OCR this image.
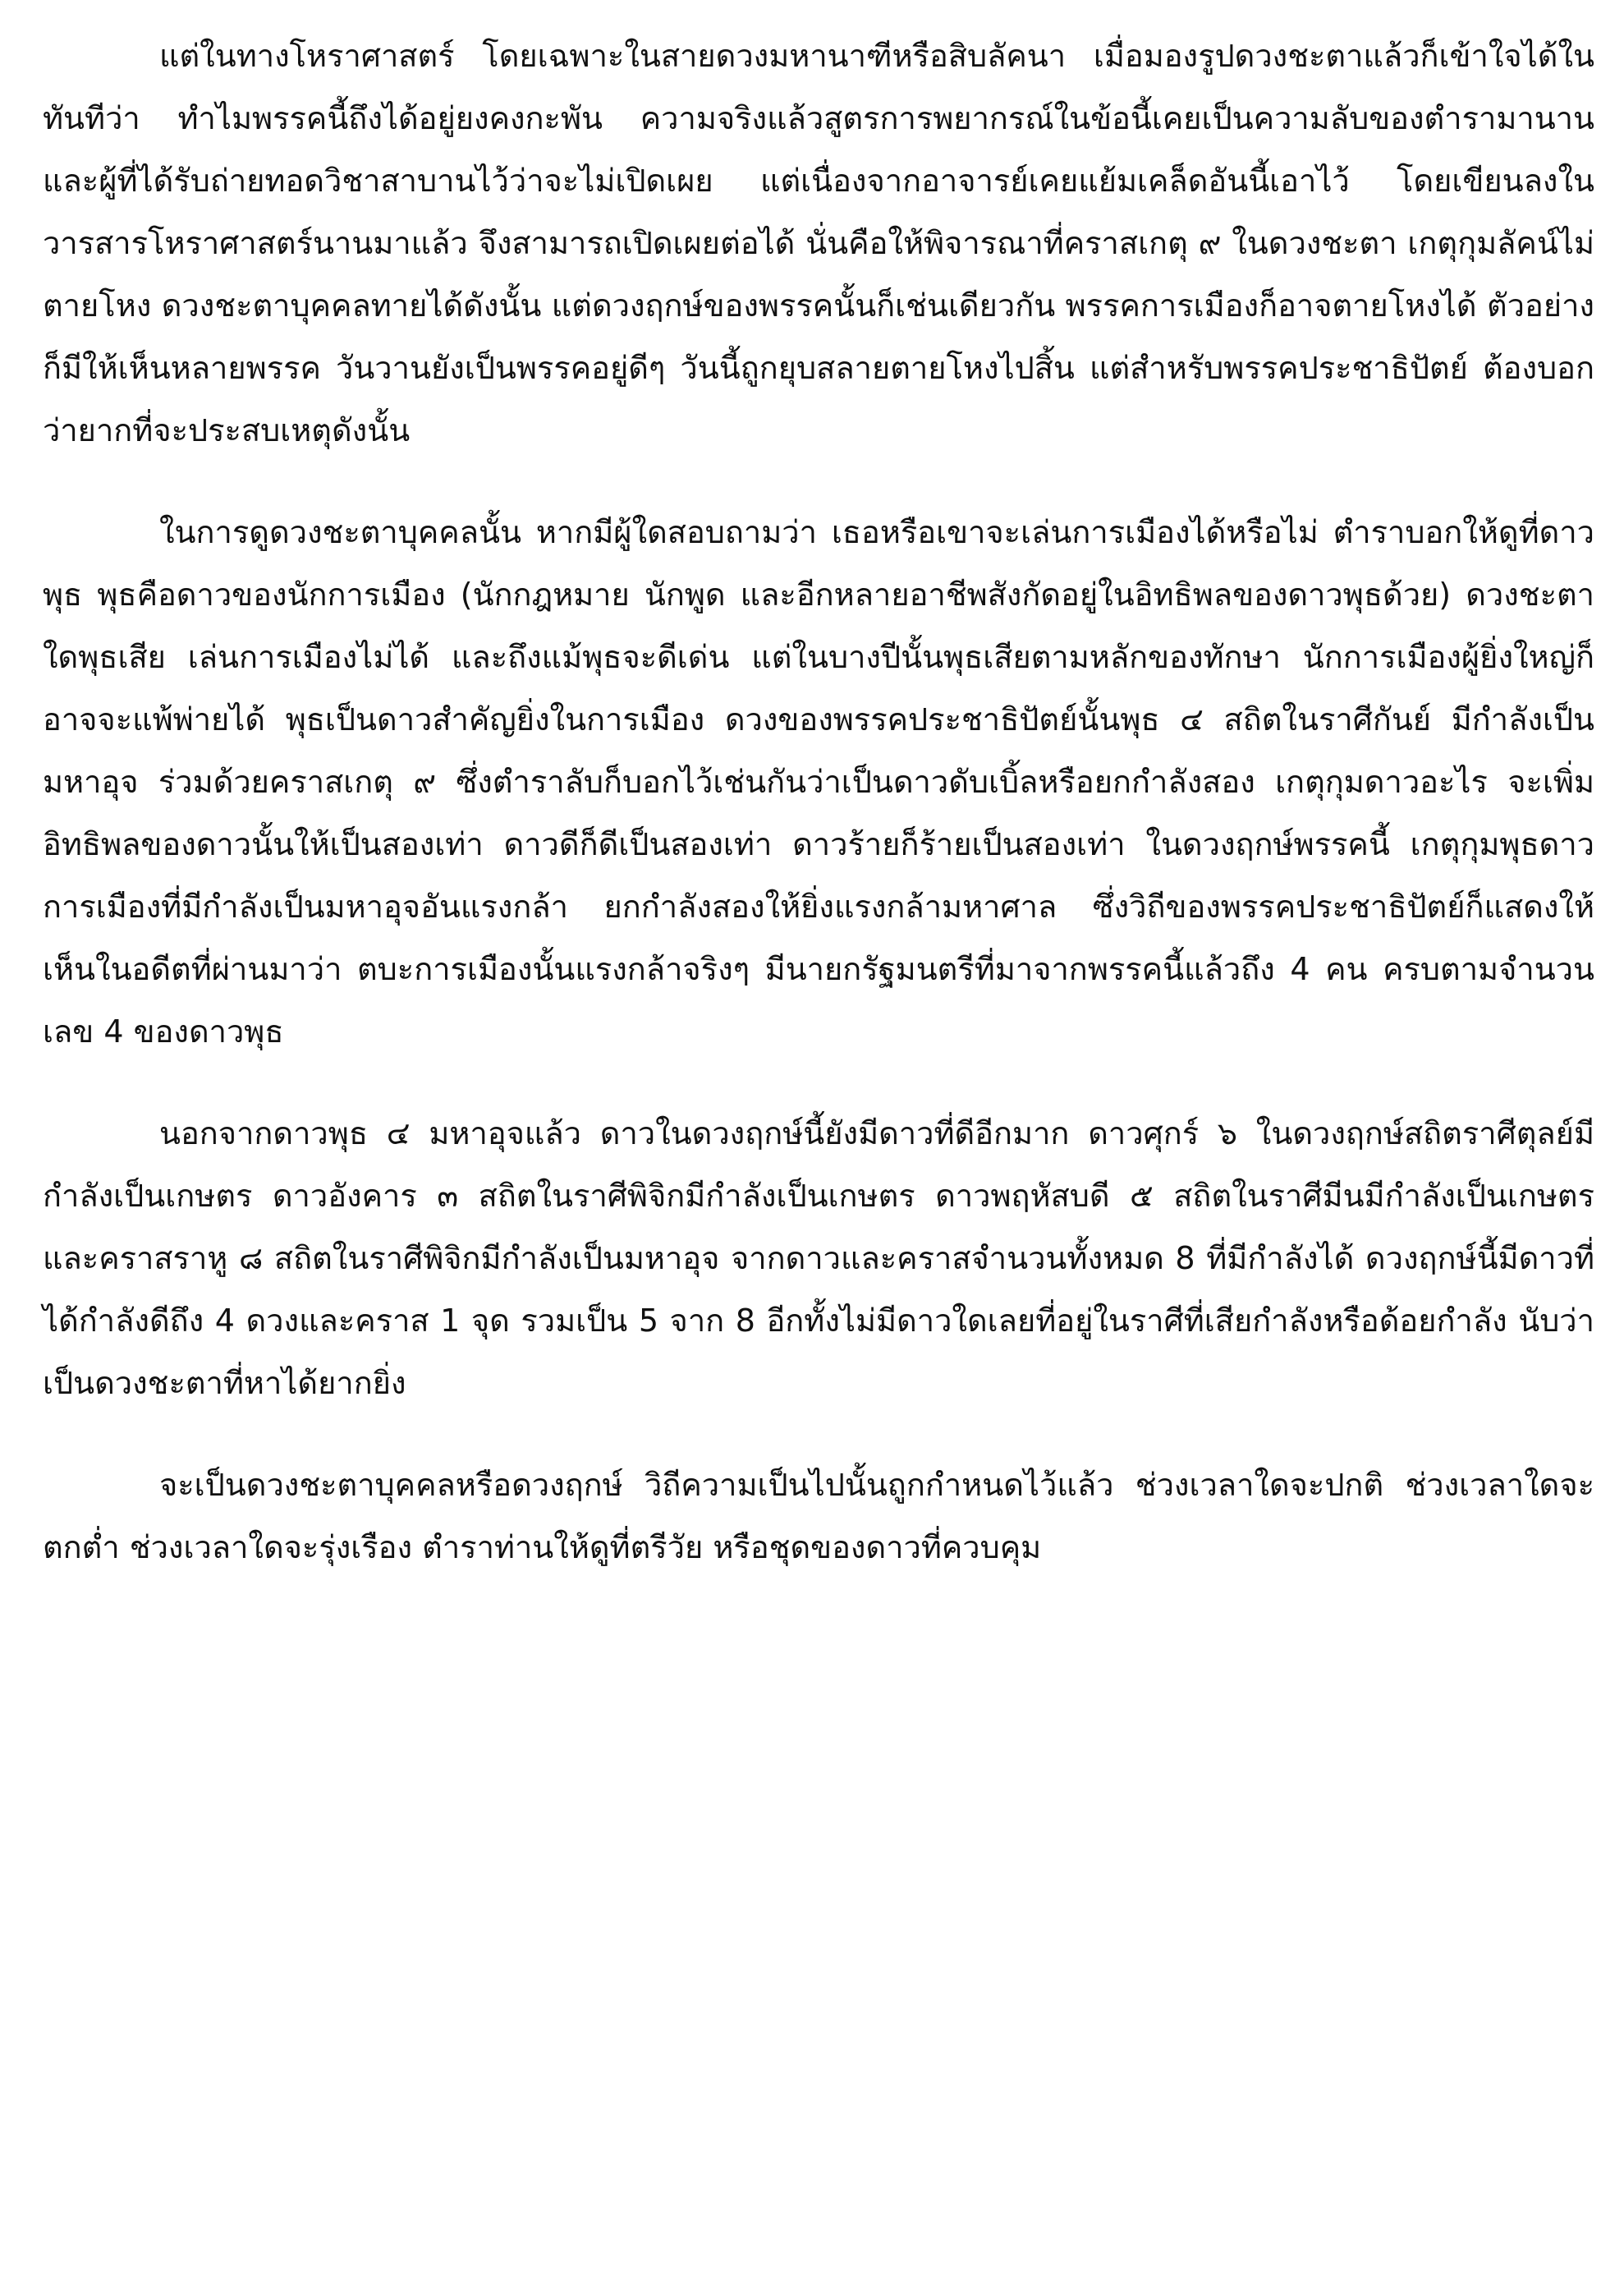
แต่ในทางโหราศาสตร์ โดยเฉพาะในสายดวงมหานาฑีหรือสิบลัคนา เมื่อมองรูปดวงชะตาแล้วก็เข้าใจได้ในทันทีว่า ทำไมพรรคนี้ถึงได้อยู่ยงคงกะพัน ความจริงแล้วสูตรการพยากรณ์ในข้อนี้เคยเป็นความลับของตำรามานาน และผู้ที่ได้รับถ่ายทอดวิชาสาบานไว้ว่าจะไม่เปิดเผย แต่เนื่องจากอาจารย์เคยแย้มเคล็ดอันนี้เอาไว้ โดยเขียนลงในวารสารโหราศาสตร์นานมาแล้ว จึงสามารถเปิดเผยต่อได้ นั่นคือให้พิจารณาที่คราสเกตุ ๙ ในดวงชะตา เกตุกุมลัคน์ไม่ตายโหง ดวงชะตาบุคคลทายได้ดังนั้น แต่ดวงฤกษ์ของพรรคนั้นก็เช่นเดียวกัน พรรคการเมืองก็อาจตายโหงได้ ตัวอย่างก็มีให้เห็นหลายพรรค วันวานยังเป็นพรรคอยู่ดีๆ วันนี้ถูกยุบสลายตายโหงไปสิ้น แต่สำหรับพรรคประชาธิปัตย์ ต้องบอกว่ายากที่จะประสบเหตุดังนั้น

ในการดูดวงชะตาบุคคลนั้น หากมีผู้ใดสอบถามว่า เธอหรือเขาจะเล่นการเมืองได้หรือไม่ ตำราบอกให้ดูที่ดาวพุธ พุธคือดาวของนักการเมือง (นักกฎหมาย นักพูด และอีกหลายอาชีพสังกัดอยู่ในอิทธิพลของดาวพุธด้วย) ดวงชะตาใดพุธเสีย เล่นการเมืองไม่ได้ และถึงแม้พุธจะดีเด่น แต่ในบางปีนั้นพุธเสียตามหลักของทักษา นักการเมืองผู้ยิ่งใหญ่ก็อาจจะแพ้พ่ายได้ พุธเป็นดาวสำคัญยิ่งในการเมือง ดวงของพรรคประชาธิปัตย์นั้นพุธ ๔ สถิตในราศีกันย์ มีกำลังเป็นมหาอุจ ร่วมด้วยคราสเกตุ ๙ ซึ่งตำราลับก็บอกไว้เช่นกันว่าเป็นดาวดับเบิ้ลหรือยกกำลังสอง เกตุกุมดาวอะไร จะเพิ่มอิทธิพลของดาวนั้นให้เป็นสองเท่า ดาวดีก็ดีเป็นสองเท่า ดาวร้ายก็ร้ายเป็นสองเท่า ในดวงฤกษ์พรรคนี้ เกตุกุมพุธดาวการเมืองที่มีกำลังเป็นมหาอุจอันแรงกล้า ยกกำลังสองให้ยิ่งแรงกล้ามหาศาล ซึ่งวิถีของพรรคประชาธิปัตย์ก็แสดงให้เห็นในอดีตที่ผ่านมาว่า ตบะการเมืองนั้นแรงกล้าจริงๆ มีนายกรัฐมนตรีที่มาจากพรรคนี้แล้วถึง 4 คน ครบตามจำนวนเลข 4 ของดาวพุธ

นอกจากดาวพุธ ๔ มหาอุจแล้ว ดาวในดวงฤกษ์นี้ยังมีดาวที่ดีอีกมาก ดาวศุกร์ ๖ ในดวงฤกษ์สถิตราศีตุลย์มีกำลังเป็นเกษตร ดาวอังคาร ๓ สถิตในราศีพิจิกมีกำลังเป็นเกษตร ดาวพฤหัสบดี ๕ สถิตในราศีมีนมีกำลังเป็นเกษตร และคราสราหู ๘ สถิตในราศีพิจิกมีกำลังเป็นมหาอุจ จากดาวและคราสจำนวนทั้งหมด 8 ที่มีกำลังได้ ดวงฤกษ์นี้มีดาวที่ได้กำลังดีถึง 4 ดวงและคราส 1 จุด รวมเป็น 5 จาก 8 อีกทั้งไม่มีดาวใดเลยที่อยู่ในราศีที่เสียกำลังหรือด้อยกำลัง นับว่าเป็นดวงชะตาที่หาได้ยากยิ่ง

จะเป็นดวงชะตาบุคคลหรือดวงฤกษ์ วิถีความเป็นไปนั้นถูกกำหนดไว้แล้ว ช่วงเวลาใดจะปกติ ช่วงเวลาใดจะตกต่ำ ช่วงเวลาใดจะรุ่งเรือง ตำราท่านให้ดูที่ตรีวัย หรือชุดของดาวที่ควบคุม
